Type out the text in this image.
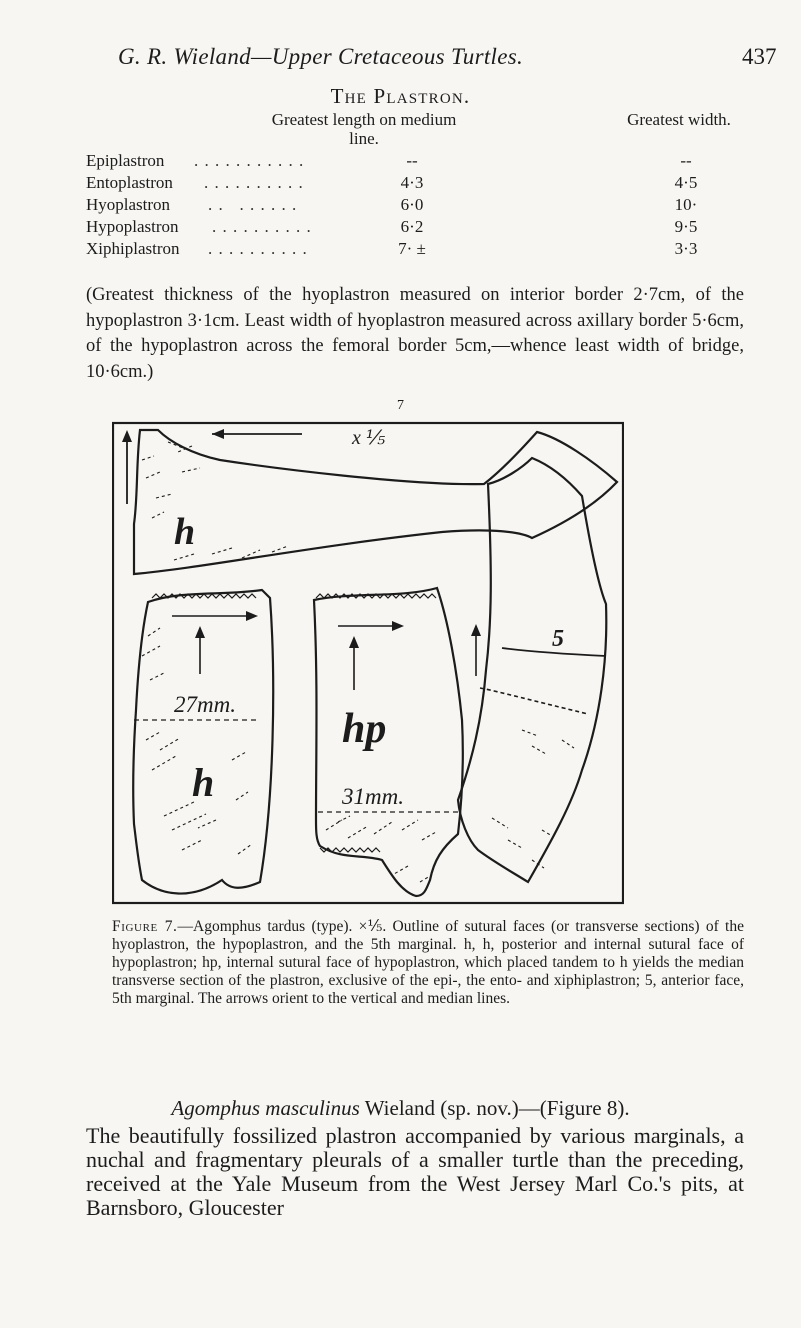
G. R. Wieland—Upper Cretaceous Turtles.	437
The Plastron.
Greatest length on medium line.
Greatest width.
Epiplastron . . . . . . . . . . .	--	--
Entoplastron . . . . . . . . . .	4·3	4·5
Hyoplastron . .   . . . . . .	6·0	10·
Hypoplastron . . . . . . . . . .	6·2	9·5
Xiphiplastron . . . . . . . . . .	7· ±	3·3
(Greatest thickness of the hyoplastron measured on interior border 2·7cm, of the hypoplastron 3·1cm. Least width of hyoplastron measured across axillary border 5·6cm, of the hypoplastron across the femoral border 5cm,—whence least width of bridge, 10·6cm.)
7
x ⅕
h
27mm.
h
hp
31mm.
5
Figure 7.—Agomphus tardus (type). ×⅕. Outline of sutural faces (or transverse sections) of the hyoplastron, the hypoplastron, and the 5th marginal. h, h, posterior and internal sutural face of hypoplastron; hp, internal sutural face of hypoplastron, which placed tandem to h yields the median transverse section of the plastron, exclusive of the epi-, the ento- and xiphiplastron; 5, anterior face, 5th marginal. The arrows orient to the vertical and median lines.
Agomphus masculinus Wieland (sp. nov.)—(Figure 8).
The beautifully fossilized plastron accompanied by various marginals, a nuchal and fragmentary pleurals of a smaller turtle than the preceding, received at the Yale Museum from the West Jersey Marl Co.'s pits, at Barnsboro, Gloucester
